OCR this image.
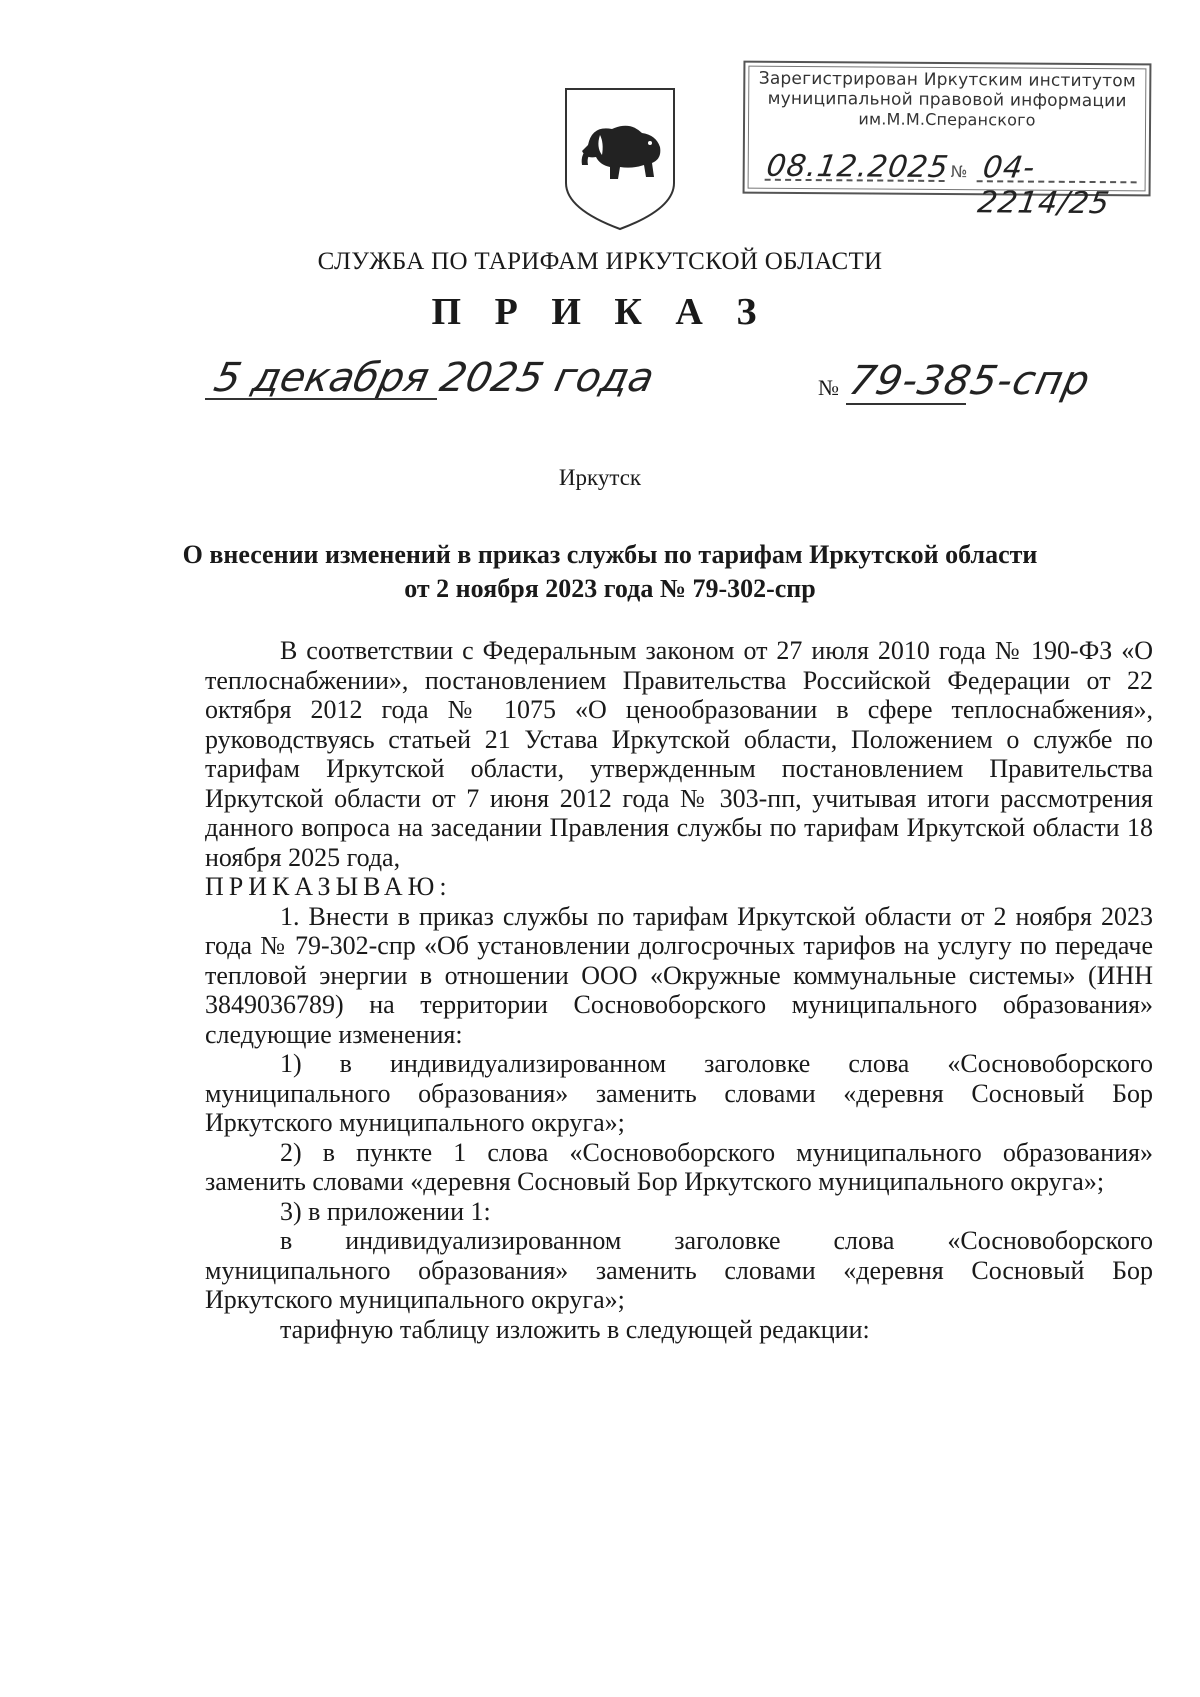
Зарегистрирован Иркутским институтом
муниципальной правовой информации
им.М.М.Сперанского
08.12.2025 № 04-2214/25
СЛУЖБА ПО ТАРИФАМ ИРКУТСКОЙ ОБЛАСТИ
П Р И К А З
5 декабря 2025 года	№ 79-385-спр
Иркутск
О внесении изменений в приказ службы по тарифам Иркутской области
от 2 ноября 2023 года № 79-302-спр

В соответствии с Федеральным законом от 27 июля 2010 года № 190-ФЗ «О теплоснабжении», постановлением Правительства Российской Федерации от 22 октября 2012 года № 1075 «О ценообразовании в сфере теплоснабжения», руководствуясь статьей 21 Устава Иркутской области, Положением о службе по тарифам Иркутской области, утвержденным постановлением Правительства Иркутской области от 7 июня 2012 года № 303-пп, учитывая итоги рассмотрения данного вопроса на заседании Правления службы по тарифам Иркутской области 18 ноября 2025 года,

ПРИКАЗЫВАЮ:

1. Внести в приказ службы по тарифам Иркутской области от 2 ноября 2023 года № 79-302-спр «Об установлении долгосрочных тарифов на услугу по передаче тепловой энергии в отношении ООО «Окружные коммунальные системы» (ИНН 3849036789) на территории Сосновоборского муниципального образования» следующие изменения:

1) в индивидуализированном заголовке слова «Сосновоборского муниципального образования» заменить словами «деревня Сосновый Бор Иркутского муниципального округа»;

2) в пункте 1 слова «Сосновоборского муниципального образования» заменить словами «деревня Сосновый Бор Иркутского муниципального округа»;

3) в приложении 1:

в индивидуализированном заголовке слова «Сосновоборского муниципального образования» заменить словами «деревня Сосновый Бор Иркутского муниципального округа»;

тарифную таблицу изложить в следующей редакции:
